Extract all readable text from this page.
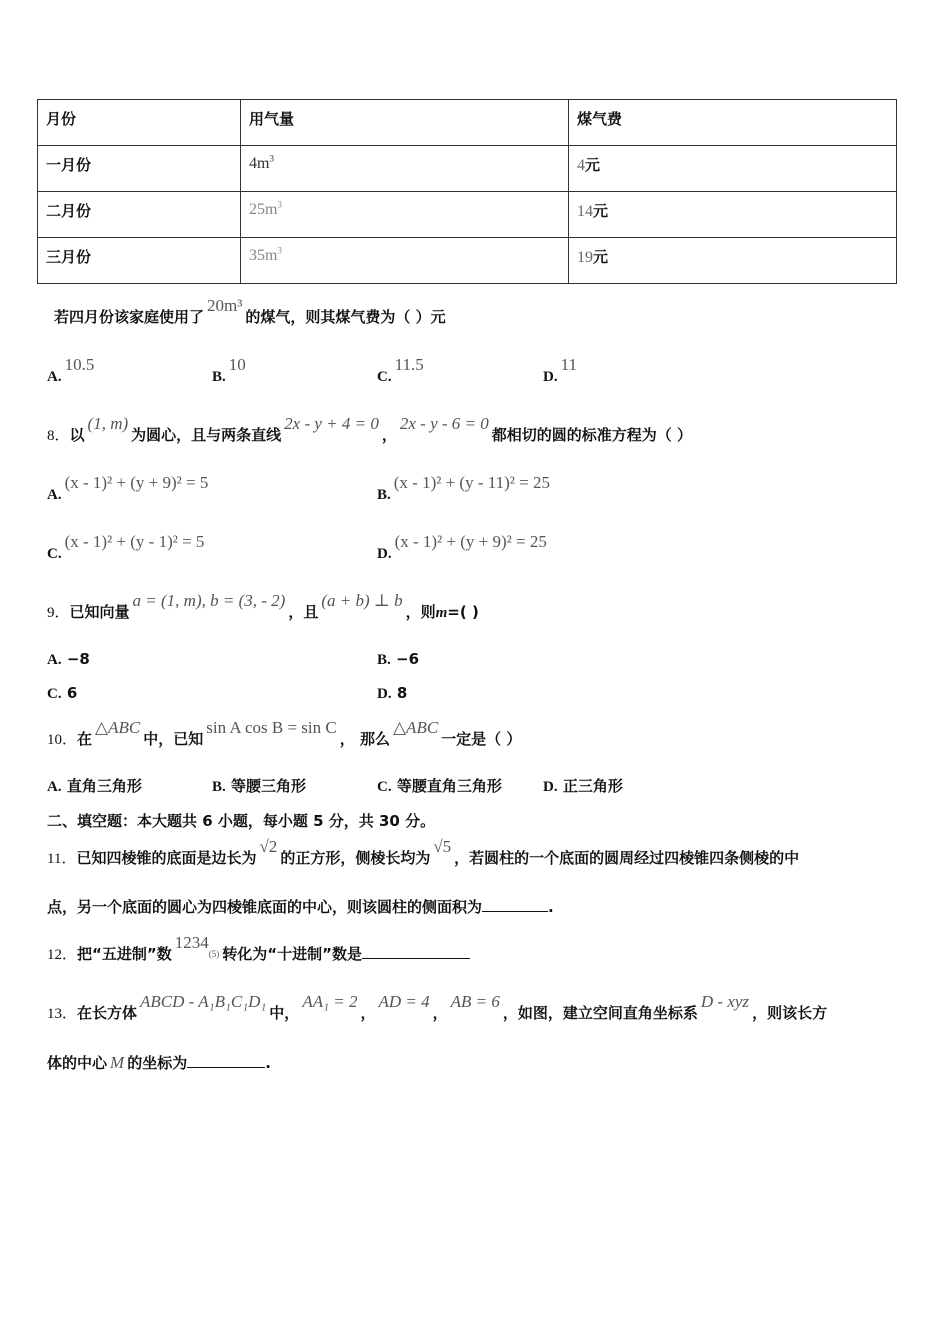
月份	用气量	煤气费
一月份	$4m^3$	4元
二月份	$25m^3$	14元
三月份	$35m^3$	19元
若四月份该家庭使用了20m³的煤气，则其煤气费为（ ）元
A.10.5
B.10
C.11.5
D.11
8．以(1, m)为圆心，且与两条直线2x - y + 4 = 0，2x - y - 6 = 0都相切的圆的标准方程为（ ）
A.(x - 1)² + (y + 9)² = 5
B.(x - 1)² + (y - 11)² = 25
C.(x - 1)² + (y - 1)² = 5
D.(x - 1)² + (y + 9)² = 25
9．已知向量a = (1, m), b = (3, - 2)，且(a + b) ⊥ b，则m=( )
A. −8	B. −6
C. 6	D. 8
10．在△ABC中，已知sin A cos B = sin C， 那么△ABC一定是（ ）
A. 直角三角形	B. 等腰三角形	C. 等腰直角三角形	D. 正三角形
二、填空题：本大题共 6 小题，每小题 5 分，共 30 分。
11．已知四棱锥的底面是边长为√2的正方形，侧棱长均为√5，若圆柱的一个底面的圆周经过四棱锥四条侧棱的中
点，另一个底面的圆心为四棱锥底面的中心，则该圆柱的侧面积为	.
12．把“五进制”数1234(5) 转化为“十进制”数是
13．在长方体ABCD - A₁B₁C₁D₁中，AA₁ = 2，AD = 4，AB = 6，如图，建立空间直角坐标系D - xyz，则该长方
体的中心 M 的坐标为	.
